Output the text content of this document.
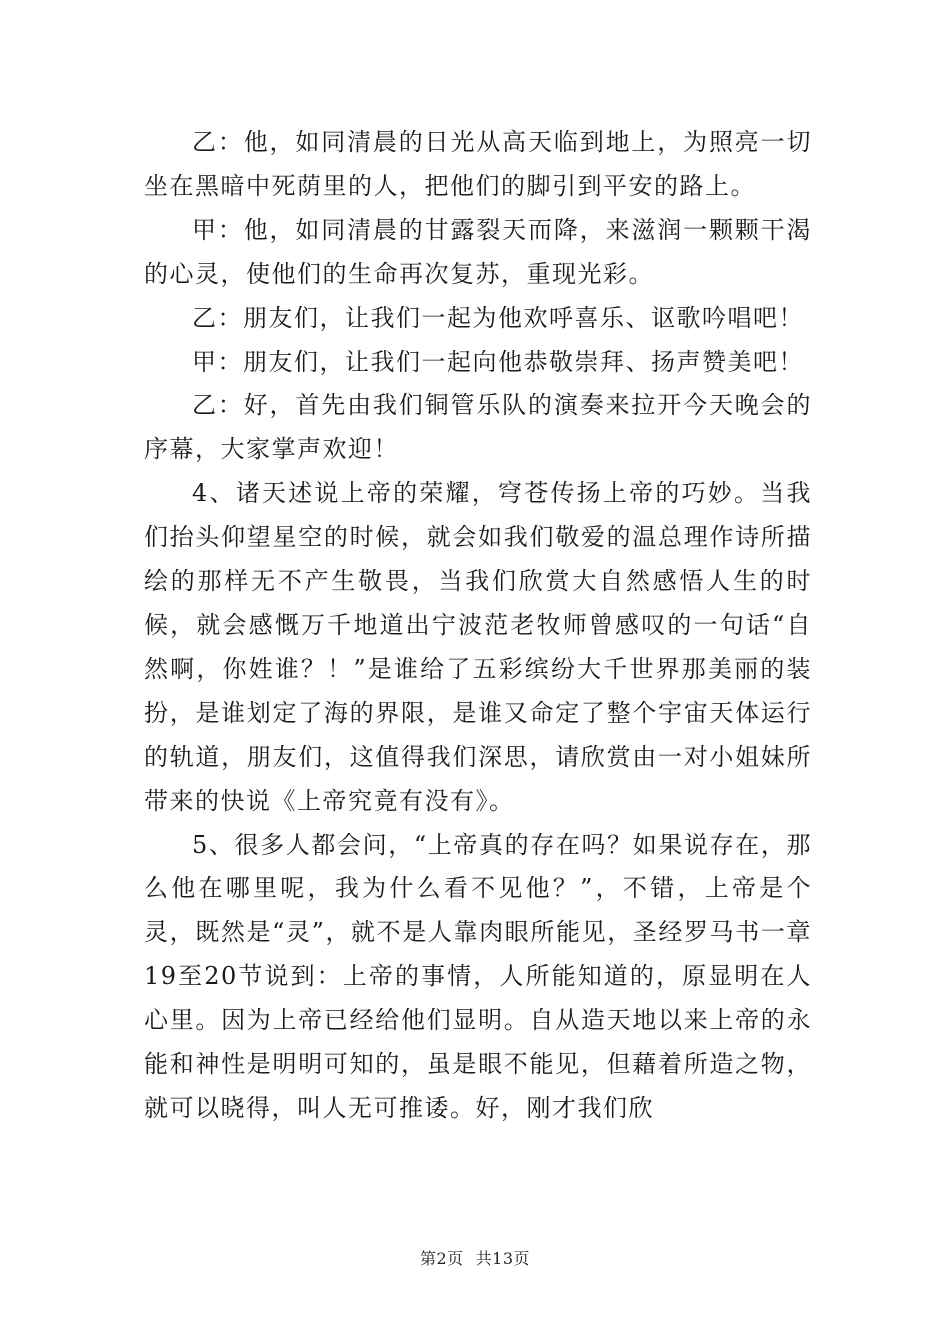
乙：他，如同清晨的日光从高天临到地上，为照亮一切坐在黑暗中死荫里的人，把他们的脚引到平安的路上。

甲：他，如同清晨的甘露裂天而降，来滋润一颗颗干渴的心灵，使他们的生命再次复苏，重现光彩。

乙：朋友们，让我们一起为他欢呼喜乐、讴歌吟唱吧！

甲：朋友们，让我们一起向他恭敬崇拜、扬声赞美吧！

乙：好，首先由我们铜管乐队的演奏来拉开今天晚会的序幕，大家掌声欢迎！

4、诸天述说上帝的荣耀，穹苍传扬上帝的巧妙。当我们抬头仰望星空的时候，就会如我们敬爱的温总理作诗所描绘的那样无不产生敬畏，当我们欣赏大自然感悟人生的时候，就会感慨万千地道出宁波范老牧师曾感叹的一句话“自然啊，你姓谁？！”是谁给了五彩缤纷大千世界那美丽的装扮，是谁划定了海的界限，是谁又命定了整个宇宙天体运行的轨道，朋友们，这值得我们深思，请欣赏由一对小姐妹所带来的快说《上帝究竟有没有》。

5、很多人都会问，“上帝真的存在吗？如果说存在，那么他在哪里呢，我为什么看不见他？”，不错，上帝是个灵，既然是“灵”，就不是人靠肉眼所能见，圣经罗马书一章19至20节说到：上帝的事情，人所能知道的，原显明在人心里。因为上帝已经给他们显明。自从造天地以来上帝的永能和神性是明明可知的，虽是眼不能见，但藉着所造之物，就可以晓得，叫人无可推诿。好，刚才我们欣

第2页 共13页
